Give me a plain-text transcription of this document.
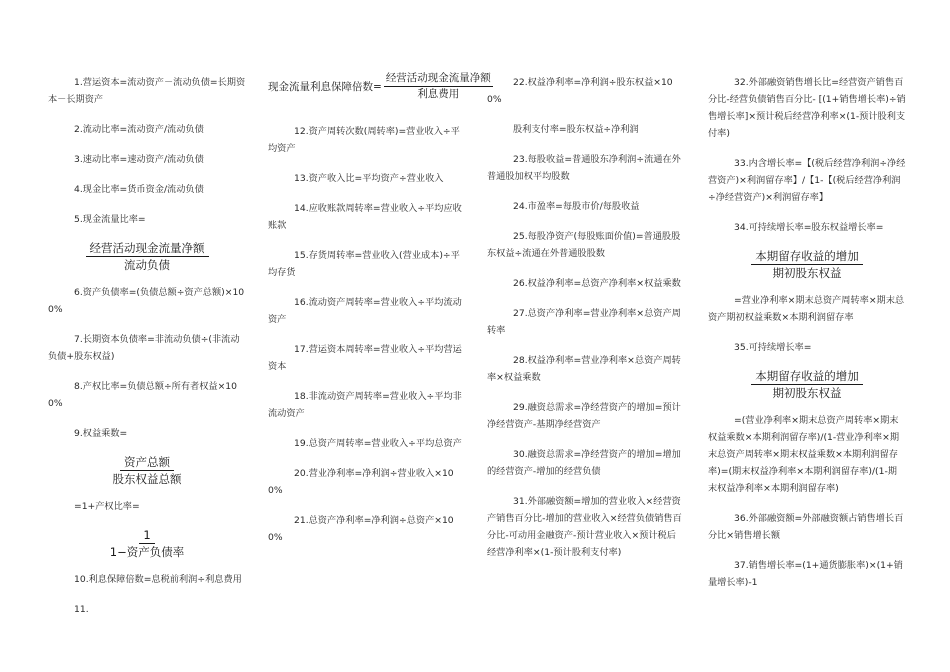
1.营运资本=流动资产－流动负债=长期资本－长期资产

2.流动比率=流动资产/流动负债

3.速动比率=速动资产/流动负债

4.现金比率=货币资金/流动负债

5.现金流量比率=

$\frac{\text{经营活动现金流量净额}}{\text{流动负债}}$

6.资产负债率=(负债总额÷资产总额)×100%

7.长期资本负债率=非流动负债÷(非流动负债+股东权益)

8.产权比率=负债总额÷所有者权益×100%

9.权益乘数=

$\frac{\text{资产总额}}{\text{股东权益总额}}$

=1+产权比率=

$\frac{1}{\text{1−资产负债率}}$

10.利息保障倍数=息税前利润÷利息费用

11.

现金流量利息保障倍数= $\frac{\text{经营活动现金流量净额}}{\text{利息费用}}$

12.资产周转次数(周转率)=营业收入÷平均资产

13.资产收入比=平均资产÷营业收入

14.应收账款周转率=营业收入÷平均应收账款

15.存货周转率=营业收入(营业成本)÷平均存货

16.流动资产周转率=营业收入÷平均流动资产

17.营运资本周转率=营业收入÷平均营运资本

18.非流动资产周转率=营业收入÷平均非流动资产

19.总资产周转率=营业收入÷平均总资产

20.营业净利率=净利润÷营业收入×100%

21.总资产净利率=净利润÷总资产×100%

22.权益净利率=净利润÷股东权益×100%

股利支付率=股东权益÷净利润

23.每股收益=普通股东净利润÷流通在外普通股加权平均股数

24.市盈率=每股市价/每股收益

25.每股净资产(每股账面价值)=普通股股东权益÷流通在外普通股股数

26.权益净利率=总资产净利率×权益乘数

27.总资产净利率=营业净利率×总资产周转率

28.权益净利率=营业净利率×总资产周转率×权益乘数

29.融资总需求=净经营资产的增加=预计净经营资产-基期净经营资产

30.融资总需求=净经营资产的增加=增加的经营资产-增加的经营负债

31.外部融资额=增加的营业收入×经营资产销售百分比-增加的营业收入×经营负债销售百分比-可动用金融资产-预计营业收入×预计税后经营净利率×(1-预计股利支付率)

32.外部融资销售增长比=经营资产销售百分比-经营负债销售百分比- [(1+销售增长率)÷销售增长率]×预计税后经营净利率×(1-预计股利支付率)

33.内含增长率=【(税后经营净利润÷净经营资产)×利润留存率】/【1-【(税后经营净利润÷净经营资产)×利润留存率】

34.可持续增长率=股东权益增长率=

$\frac{\text{本期留存收益的增加}}{\text{期初股东权益}}$

=营业净利率×期末总资产周转率×期末总资产期初权益乘数×本期利润留存率

35.可持续增长率=

$\frac{\text{本期留存收益的增加}}{\text{期初股东权益}}$

=(营业净利率×期末总资产周转率×期末权益乘数×本期利润留存率)/(1-营业净利率×期末总资产周转率×期末权益乘数×本期利润留存率)=(期末权益净利率×本期利润留存率)/(1-期末权益净利率×本期利润留存率)

36.外部融资额=外部融资额占销售增长百分比×销售增长额

37.销售增长率=(1+通货膨胀率)×(1+销量增长率)-1
